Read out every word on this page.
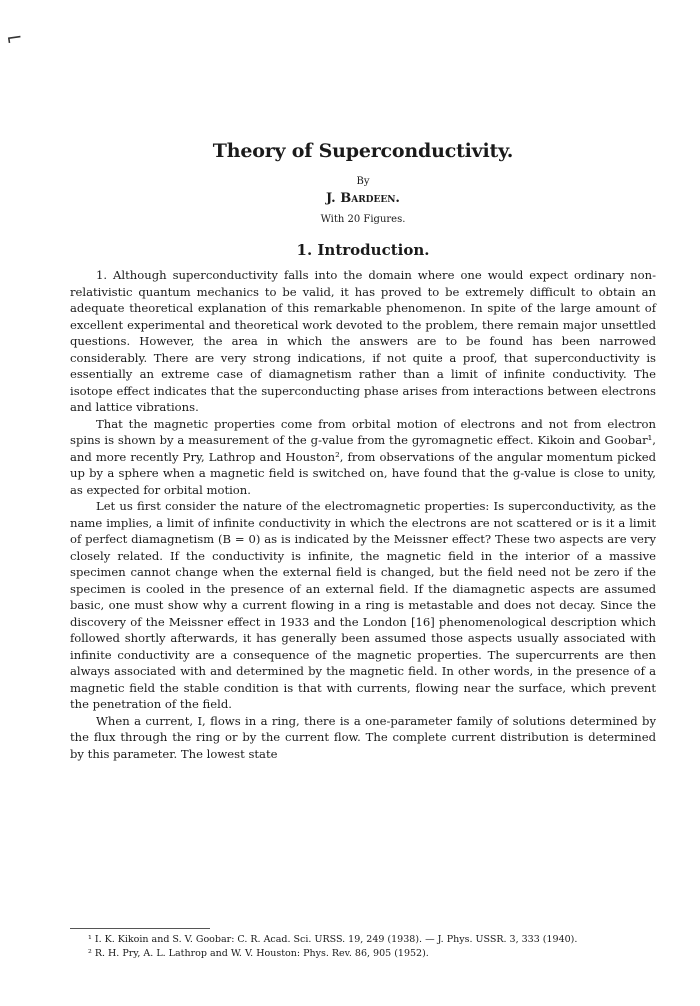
⌐
Theory of Superconductivity.

By

J. Bardeen.

With 20 Figures.

1. Introduction.

1. Although superconductivity falls into the domain where one would expect ordinary non-relativistic quantum mechanics to be valid, it has proved to be extremely difficult to obtain an adequate theoretical explanation of this remarkable phenomenon. In spite of the large amount of excellent experimental and theoretical work devoted to the problem, there remain major unsettled questions. However, the area in which the answers are to be found has been narrowed considerably. There are very strong indications, if not quite a proof, that superconductivity is essentially an extreme case of diamagnetism rather than a limit of infinite conductivity. The isotope effect indicates that the superconducting phase arises from interactions between electrons and lattice vibrations.

That the magnetic properties come from orbital motion of electrons and not from electron spins is shown by a measurement of the g-value from the gyromagnetic effect. Kikoin and Goobar¹, and more recently Pry, Lathrop and Houston², from observations of the angular momentum picked up by a sphere when a magnetic field is switched on, have found that the g-value is close to unity, as expected for orbital motion.

Let us first consider the nature of the electromagnetic properties: Is superconductivity, as the name implies, a limit of infinite conductivity in which the electrons are not scattered or is it a limit of perfect diamagnetism (B = 0) as is indicated by the Meissner effect? These two aspects are very closely related. If the conductivity is infinite, the magnetic field in the interior of a massive specimen cannot change when the external field is changed, but the field need not be zero if the specimen is cooled in the presence of an external field. If the diamagnetic aspects are assumed basic, one must show why a current flowing in a ring is metastable and does not decay. Since the discovery of the Meissner effect in 1933 and the London [16] phenomenological description which followed shortly afterwards, it has generally been assumed those aspects usually associated with infinite conductivity are a consequence of the magnetic properties. The supercurrents are then always associated with and determined by the magnetic field. In other words, in the presence of a magnetic field the stable condition is that with currents, flowing near the surface, which prevent the penetration of the field.

When a current, I, flows in a ring, there is a one-parameter family of solutions determined by the flux through the ring or by the current flow. The complete current distribution is determined by this parameter. The lowest state

¹ I. K. Kikoin and S. V. Goobar: C. R. Acad. Sci. URSS. 19, 249 (1938). — J. Phys. USSR. 3, 333 (1940).

² R. H. Pry, A. L. Lathrop and W. V. Houston: Phys. Rev. 86, 905 (1952).
